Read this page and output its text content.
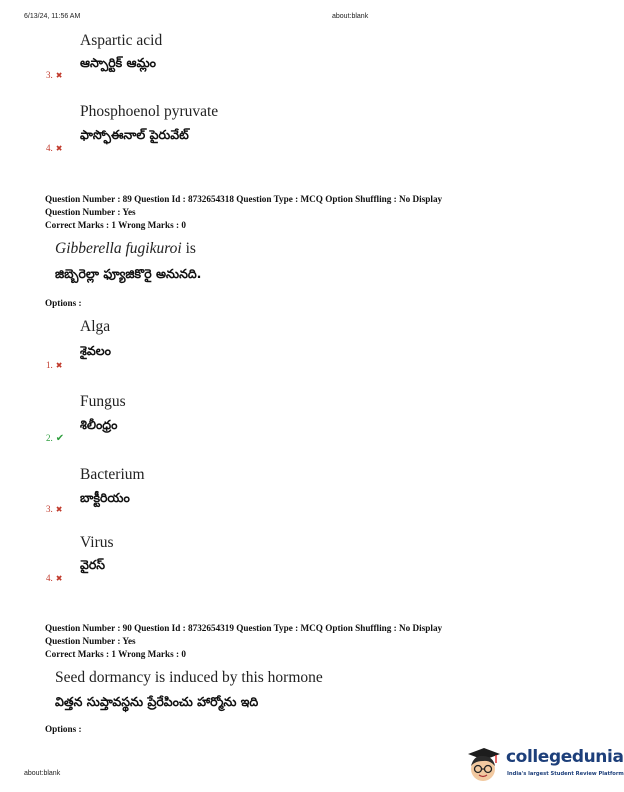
6/13/24, 11:56 AM	about:blank
Aspartic acid
ఆస్పార్టిక్ ఆమ్లం
3. ✖
Phosphoenol pyruvate
ఫాస్ఫోఈనాల్ పైరువేట్
4. ✖
Question Number : 89 Question Id : 8732654318 Question Type : MCQ Option Shuffling : No Display
Question Number : Yes
Correct Marks : 1 Wrong Marks : 0
Gibberella fugikuroi is
జిబ్బెరెల్లా ఫ్యూజికొరై అనునది.
Options :
Alga
శైవలం
1. ✖
Fungus
శిలీంధ్రం
2. ✔
Bacterium
బాక్టీరియం
3. ✖
Virus
వైరస్
4. ✖
Question Number : 90 Question Id : 8732654319 Question Type : MCQ Option Shuffling : No Display
Question Number : Yes
Correct Marks : 1 Wrong Marks : 0
Seed dormancy is induced by this hormone
విత్తన సుప్తావస్థను ప్రేరేపించు హార్మోను ఇది
Options :
about:blank
collegedunia
India's largest Student Review Platform
